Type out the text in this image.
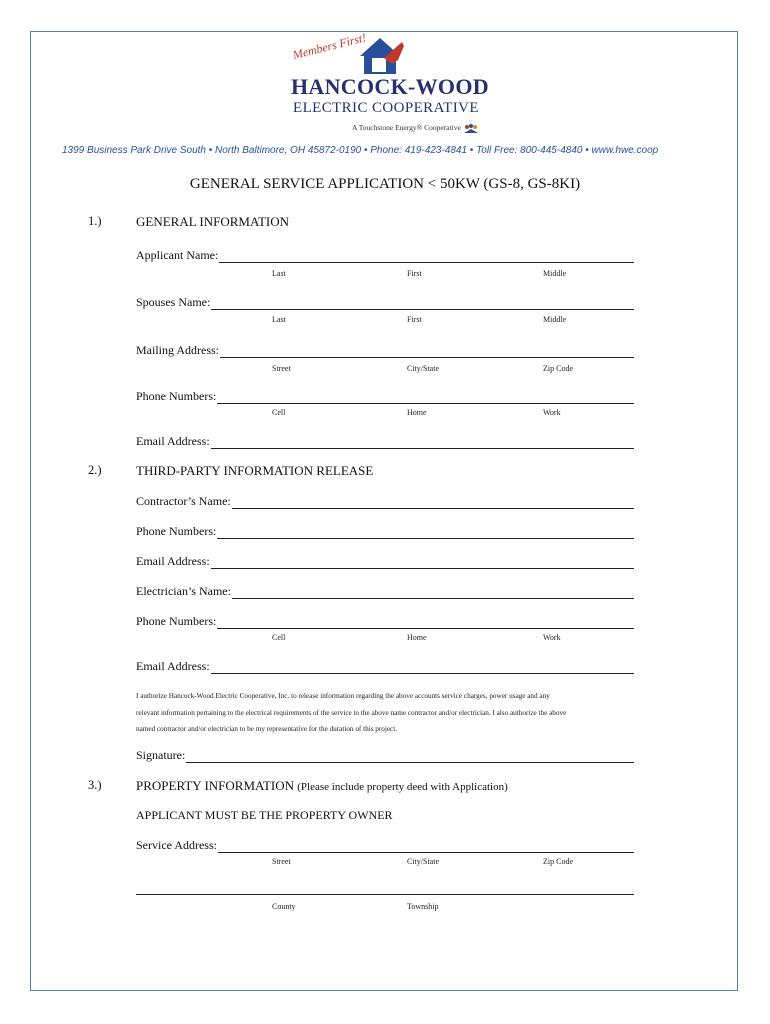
Members First!
HANCOCK-WOOD
ELECTRIC COOPERATIVE
A Touchstone Energy® Cooperative
1399 Business Park Drive South • North Baltimore, OH 45872-0190 • Phone: 419-423-4841 • Toll Free: 800-445-4840 • www.hwe.coop
GENERAL SERVICE APPLICATION < 50KW (GS-8, GS-8KI)
1.)	GENERAL INFORMATION
Applicant Name:
Last	First	Middle
Spouses Name:
Last	First	Middle
Mailing Address:
Street	City/State	Zip Code
Phone Numbers:
Cell	Home	Work
Email Address:
2.)	THIRD-PARTY INFORMATION RELEASE
Contractor’s Name:
Phone Numbers:
Email Address:
Electrician’s Name:
Phone Numbers:
Cell	Home	Work
Email Address:
I authorize Hancock-Wood Electric Cooperative, Inc. to release information regarding the above accounts service charges, power usage and any
relevant information pertaining to the electrical requirements of the service to the above name contractor and/or electrician. I also authorize the above
named contractor and/or electrician to be my representative for the duration of this project.
Signature:
3.)	PROPERTY INFORMATION (Please include property deed with Application)
APPLICANT MUST BE THE PROPERTY OWNER
Service Address:
Street	City/State	Zip Code
County	Township
